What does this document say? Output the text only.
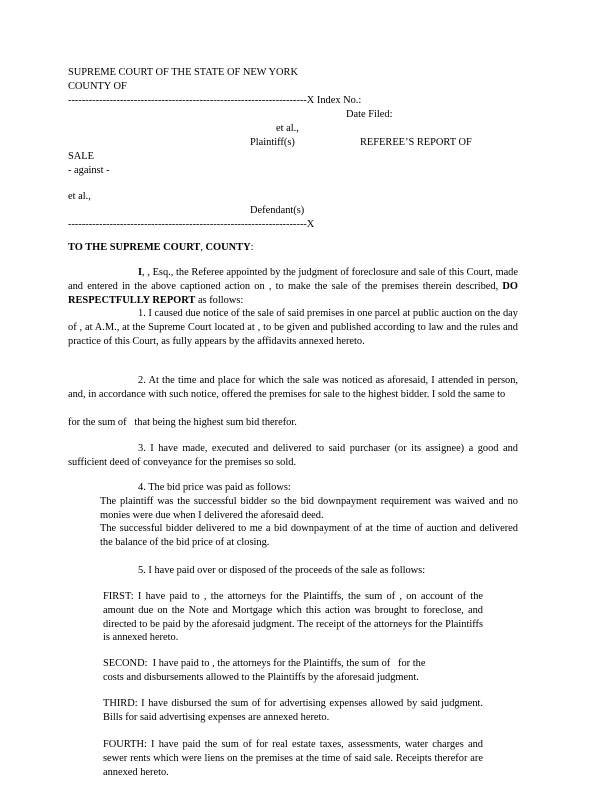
SUPREME COURT OF THE STATE OF NEW YORK
COUNTY OF
---------------------------------------------------------------------X Index No.:
Date Filed:
et al.,
Plaintiff(s)	REFEREE’S REPORT OF
SALE
- against -
et al.,
Defendant(s)
---------------------------------------------------------------------X
TO THE SUPREME COURT, COUNTY:
I, , Esq., the Referee appointed by the judgment of foreclosure and sale of this Court, made and entered in the above captioned action on , to make the sale of the premises therein described, DO RESPECTFULLY REPORT as follows:
1. I caused due notice of the sale of said premises in one parcel at public auction on the day of , at A.M., at the Supreme Court located at , to be given and published according to law and the rules and practice of this Court, as fully appears by the affidavits annexed hereto.
2. At the time and place for which the sale was noticed as aforesaid, I attended in person, and, in accordance with such notice, offered the premises for sale to the highest bidder. I sold the same to
for the sum of   that being the highest sum bid therefor.
3. I have made, executed and delivered to said purchaser (or its assignee) a good and sufficient deed of conveyance for the premises so sold.
4. The bid price was paid as follows:
The plaintiff was the successful bidder so the bid downpayment requirement was waived and no monies were due when I delivered the aforesaid deed.
The successful bidder delivered to me a bid downpayment of at the time of auction and delivered the balance of the bid price of at closing.
5. I have paid over or disposed of the proceeds of the sale as follows:
FIRST: I have paid to , the attorneys for the Plaintiffs, the sum of , on account of the amount due on the Note and Mortgage which this action was brought to foreclose, and directed to be paid by the aforesaid judgment. The receipt of the attorneys for the Plaintiffs is annexed hereto.
SECOND:  I have paid to , the attorneys for the Plaintiffs, the sum of   for the
costs and disbursements allowed to the Plaintiffs by the aforesaid judgment.
THIRD: I have disbursed the sum of for advertising expenses allowed by said judgment. Bills for said advertising expenses are annexed hereto.
FOURTH: I have paid the sum of for real estate taxes, assessments, water charges and sewer rents which were liens on the premises at the time of said sale. Receipts therefor are annexed hereto.
